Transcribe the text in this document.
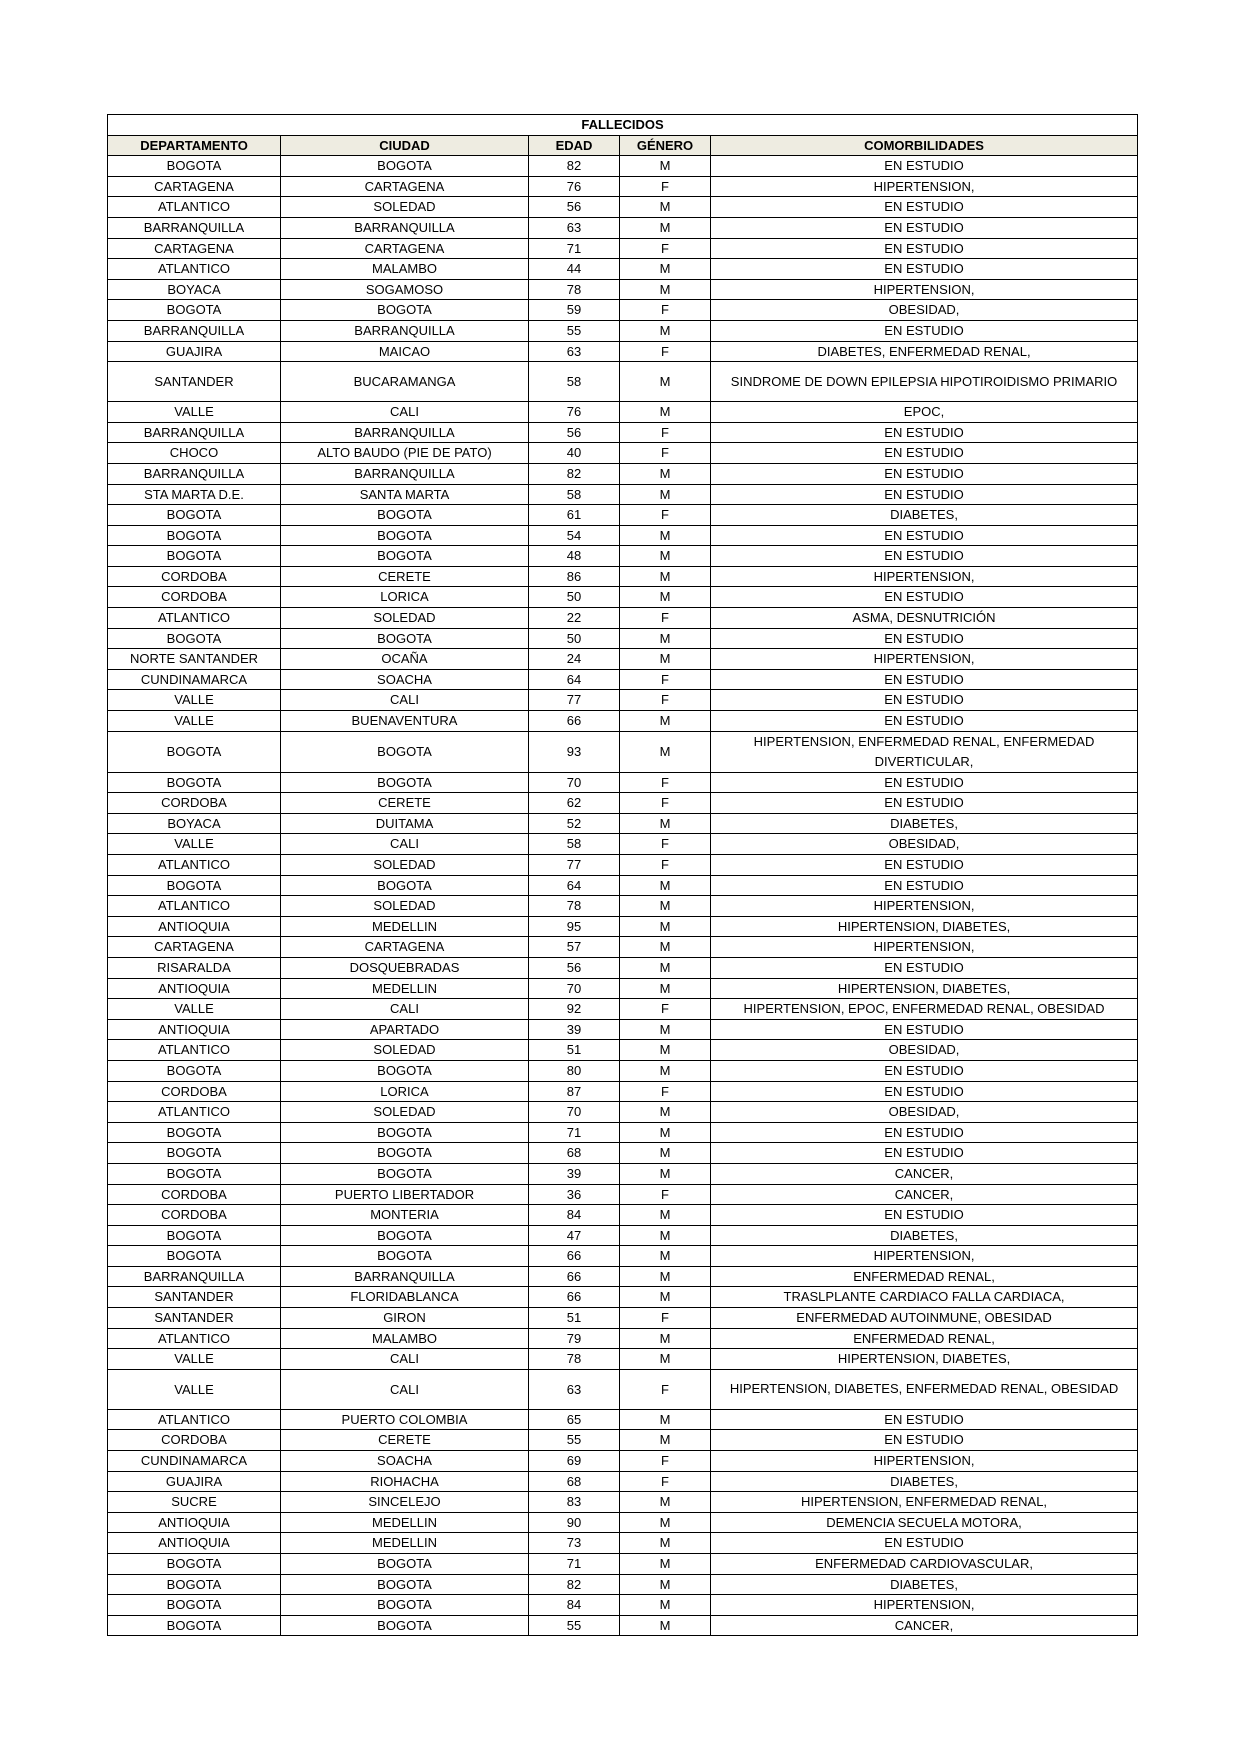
FALLECIDOS				
DEPARTAMENTO	CIUDAD	EDAD	GÉNERO	COMORBILIDADES
BOGOTA	BOGOTA	82	M	EN ESTUDIO
CARTAGENA	CARTAGENA	76	F	HIPERTENSION,
ATLANTICO	SOLEDAD	56	M	EN ESTUDIO
BARRANQUILLA	BARRANQUILLA	63	M	EN ESTUDIO
CARTAGENA	CARTAGENA	71	F	EN ESTUDIO
ATLANTICO	MALAMBO	44	M	EN ESTUDIO
BOYACA	SOGAMOSO	78	M	HIPERTENSION,
BOGOTA	BOGOTA	59	F	OBESIDAD,
BARRANQUILLA	BARRANQUILLA	55	M	EN ESTUDIO
GUAJIRA	MAICAO	63	F	DIABETES, ENFERMEDAD RENAL,
SANTANDER	BUCARAMANGA	58	M	SINDROME DE DOWN EPILEPSIA HIPOTIROIDISMO PRIMARIO
VALLE	CALI	76	M	EPOC,
BARRANQUILLA	BARRANQUILLA	56	F	EN ESTUDIO
CHOCO	ALTO BAUDO (PIE DE PATO)	40	F	EN ESTUDIO
BARRANQUILLA	BARRANQUILLA	82	M	EN ESTUDIO
STA MARTA D.E.	SANTA MARTA	58	M	EN ESTUDIO
BOGOTA	BOGOTA	61	F	DIABETES,
BOGOTA	BOGOTA	54	M	EN ESTUDIO
BOGOTA	BOGOTA	48	M	EN ESTUDIO
CORDOBA	CERETE	86	M	HIPERTENSION,
CORDOBA	LORICA	50	M	EN ESTUDIO
ATLANTICO	SOLEDAD	22	F	ASMA, DESNUTRICIÓN
BOGOTA	BOGOTA	50	M	EN ESTUDIO
NORTE SANTANDER	OCAÑA	24	M	HIPERTENSION,
CUNDINAMARCA	SOACHA	64	F	EN ESTUDIO
VALLE	CALI	77	F	EN ESTUDIO
VALLE	BUENAVENTURA	66	M	EN ESTUDIO
BOGOTA	BOGOTA	93	M	HIPERTENSION, ENFERMEDAD RENAL, ENFERMEDAD DIVERTICULAR,
BOGOTA	BOGOTA	70	F	EN ESTUDIO
CORDOBA	CERETE	62	F	EN ESTUDIO
BOYACA	DUITAMA	52	M	DIABETES,
VALLE	CALI	58	F	OBESIDAD,
ATLANTICO	SOLEDAD	77	F	EN ESTUDIO
BOGOTA	BOGOTA	64	M	EN ESTUDIO
ATLANTICO	SOLEDAD	78	M	HIPERTENSION,
ANTIOQUIA	MEDELLIN	95	M	HIPERTENSION, DIABETES,
CARTAGENA	CARTAGENA	57	M	HIPERTENSION,
RISARALDA	DOSQUEBRADAS	56	M	EN ESTUDIO
ANTIOQUIA	MEDELLIN	70	M	HIPERTENSION, DIABETES,
VALLE	CALI	92	F	HIPERTENSION, EPOC, ENFERMEDAD RENAL, OBESIDAD
ANTIOQUIA	APARTADO	39	M	EN ESTUDIO
ATLANTICO	SOLEDAD	51	M	OBESIDAD,
BOGOTA	BOGOTA	80	M	EN ESTUDIO
CORDOBA	LORICA	87	F	EN ESTUDIO
ATLANTICO	SOLEDAD	70	M	OBESIDAD,
BOGOTA	BOGOTA	71	M	EN ESTUDIO
BOGOTA	BOGOTA	68	M	EN ESTUDIO
BOGOTA	BOGOTA	39	M	CANCER,
CORDOBA	PUERTO LIBERTADOR	36	F	CANCER,
CORDOBA	MONTERIA	84	M	EN ESTUDIO
BOGOTA	BOGOTA	47	M	DIABETES,
BOGOTA	BOGOTA	66	M	HIPERTENSION,
BARRANQUILLA	BARRANQUILLA	66	M	ENFERMEDAD RENAL,
SANTANDER	FLORIDABLANCA	66	M	TRASLPLANTE CARDIACO FALLA CARDIACA,
SANTANDER	GIRON	51	F	ENFERMEDAD AUTOINMUNE, OBESIDAD
ATLANTICO	MALAMBO	79	M	ENFERMEDAD RENAL,
VALLE	CALI	78	M	HIPERTENSION, DIABETES,
VALLE	CALI	63	F	HIPERTENSION, DIABETES, ENFERMEDAD RENAL, OBESIDAD
ATLANTICO	PUERTO COLOMBIA	65	M	EN ESTUDIO
CORDOBA	CERETE	55	M	EN ESTUDIO
CUNDINAMARCA	SOACHA	69	F	HIPERTENSION,
GUAJIRA	RIOHACHA	68	F	DIABETES,
SUCRE	SINCELEJO	83	M	HIPERTENSION, ENFERMEDAD RENAL,
ANTIOQUIA	MEDELLIN	90	M	DEMENCIA SECUELA MOTORA,
ANTIOQUIA	MEDELLIN	73	M	EN ESTUDIO
BOGOTA	BOGOTA	71	M	ENFERMEDAD CARDIOVASCULAR,
BOGOTA	BOGOTA	82	M	DIABETES,
BOGOTA	BOGOTA	84	M	HIPERTENSION,
BOGOTA	BOGOTA	55	M	CANCER,
